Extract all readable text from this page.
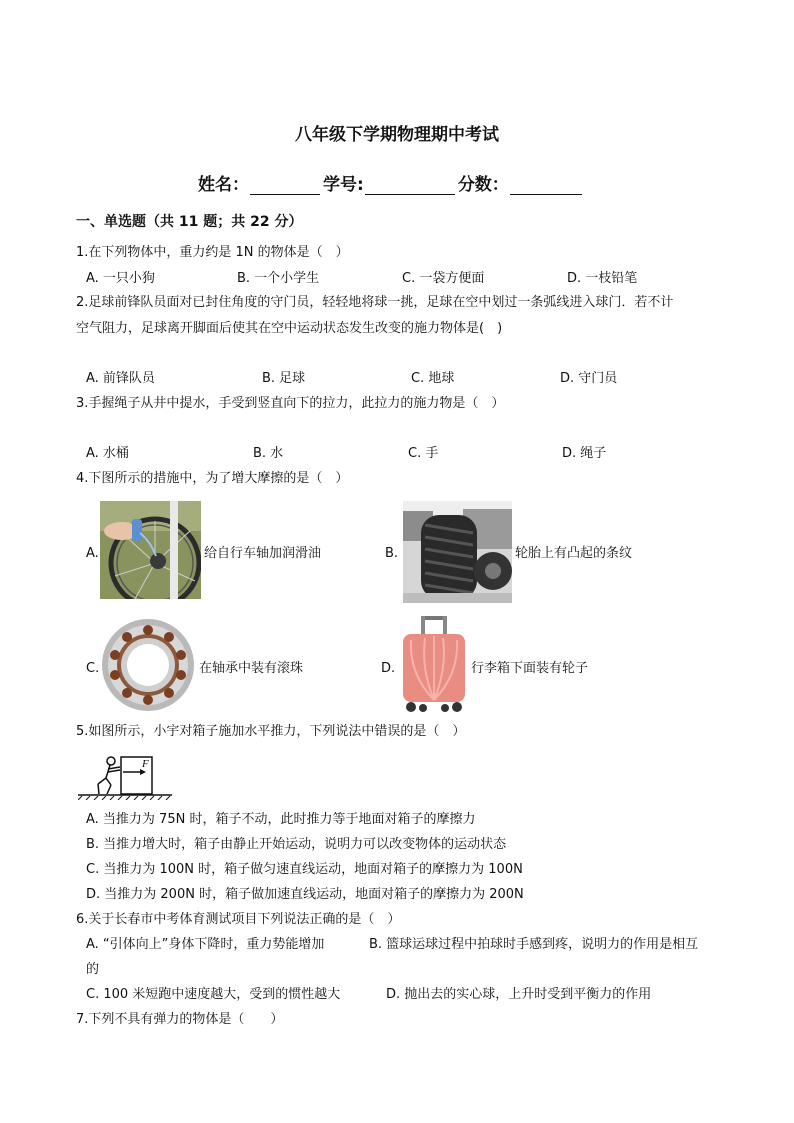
八年级下学期物理期中考试
姓名：	学号:	分数：
一、单选题（共 11 题；共 22 分）
1.在下列物体中，重力约是 1N 的物体是（　）
A. 一只小狗	B. 一个小学生	C. 一袋方便面	D. 一枝铅笔
2.足球前锋队员面对已封住角度的守门员，轻轻地将球一挑，足球在空中划过一条弧线进入球门．若不计
空气阻力，足球离开脚面后使其在空中运动状态发生改变的施力物体是(　)
A. 前锋队员	B. 足球	C. 地球	D. 守门员
3.手握绳子从井中提水，手受到竖直向下的拉力，此拉力的施力物是（　）
A. 水桶	B. 水	C. 手	D. 绳子
4.下图所示的措施中，为了增大摩擦的是（　）
A.	给自行车轴加润滑油	B.	轮胎上有凸起的条纹
C.	在轴承中装有滚珠	D.	行李箱下面装有轮子
5.如图所示，小宇对箱子施加水平推力，下列说法中错误的是（　）
F
A. 当推力为 75N 时，箱子不动，此时推力等于地面对箱子的摩擦力
B. 当推力增大时，箱子由静止开始运动，说明力可以改变物体的运动状态
C. 当推力为 100N 时，箱子做匀速直线运动，地面对箱子的摩擦力为 100N
D. 当推力为 200N 时，箱子做加速直线运动，地面对箱子的摩擦力为 200N
6.关于长春市中考体育测试项目下列说法正确的是（　）
A. “引体向上”身体下降时，重力势能增加	B. 篮球运球过程中拍球时手感到疼，说明力的作用是相互
的
C. 100 米短跑中速度越大，受到的惯性越大	D. 抛出去的实心球，上升时受到平衡力的作用
7.下列不具有弹力的物体是（　　）
